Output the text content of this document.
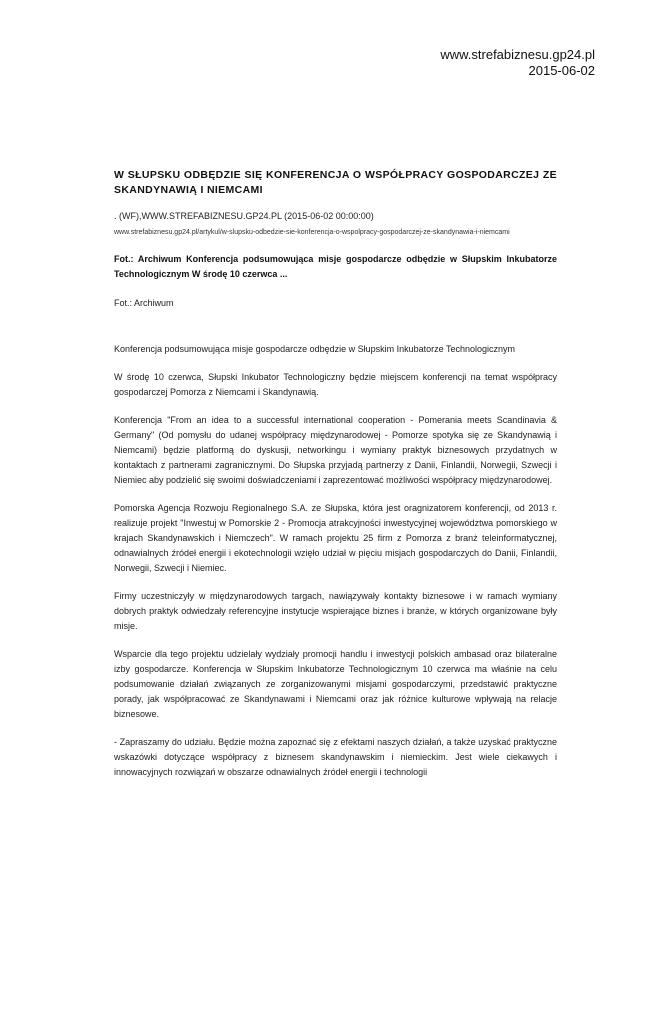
www.strefabiznesu.gp24.pl
2015-06-02
W SŁUPSKU ODBĘDZIE SIĘ KONFERENCJA O WSPÓŁPRACY GOSPODARCZEJ ZE SKANDYNAWIĄ I NIEMCAMI

. (WF),WWW.STREFABIZNESU.GP24.PL (2015-06-02 00:00:00)

www.strefabiznesu.gp24.pl/artykul/w-slupsku-odbedzie-sie-konferencja-o-wspolpracy-gospodarczej-ze-skandynawia-i-niemcami

Fot.: Archiwum Konferencja podsumowująca misje gospodarcze odbędzie w Słupskim Inkubatorze Technologicznym W środę 10 czerwca ...

Fot.: Archiwum

Konferencja podsumowująca misje gospodarcze odbędzie w Słupskim Inkubatorze Technologicznym

W środę 10 czerwca, Słupski Inkubator Technologiczny będzie miejscem konferencji na temat współpracy gospodarczej Pomorza z Niemcami i Skandynawią.

Konferencja "From an idea to a successful international cooperation - Pomerania meets Scandinavia & Germany" (Od pomysłu do udanej współpracy międzynarodowej - Pomorze spotyka się ze Skandynawią i Niemcami) będzie platformą do dyskusji, networkingu i wymiany praktyk biznesowych przydatnych w kontaktach z partnerami zagranicznymi. Do Słupska przyjadą partnerzy z Danii, Finlandii, Norwegii, Szwecji i Niemiec aby podzielić się swoimi doświadczeniami i zaprezentować możliwości współpracy międzynarodowej.

Pomorska Agencja Rozwoju Regionalnego S.A. ze Słupska, która jest oragnizatorem konferencji, od 2013 r. realizuje projekt "Inwestuj w Pomorskie 2 - Promocja atrakcyjności inwestycyjnej województwa pomorskiego w krajach Skandynawskich i Niemczech". W ramach projektu 25 firm z Pomorza z branż teleinformatycznej, odnawialnych źródeł energii i ekotechnologii wzięło udział w pięciu misjach gospodarczych do Danii, Finlandii, Norwegii, Szwecji i Niemiec.

Firmy uczestniczyły w międzynarodowych targach, nawiązywały kontakty biznesowe i w ramach wymiany dobrych praktyk odwiedzały referencyjne instytucje wspierające biznes i branże, w których organizowane były misje.

Wsparcie dla tego projektu udzielały wydziały promocji handlu i inwestycji polskich ambasad oraz bilateralne izby gospodarcze. Konferencja w Słupskim Inkubatorze Technologicznym 10 czerwca ma właśnie na celu podsumowanie działań związanych ze zorganizowanymi misjami gospodarczymi, przedstawić praktyczne porady, jak współpracować ze Skandynawami i Niemcami oraz jak różnice kulturowe wpływają na relacje biznesowe.

- Zapraszamy do udziału. Będzie można zapoznać się z efektami naszych działań, a także uzyskać praktyczne wskazówki dotyczące współpracy z biznesem skandynawskim i niemieckim. Jest wiele ciekawych i innowacyjnych rozwiązań w obszarze odnawialnych źródeł energii i technologii
